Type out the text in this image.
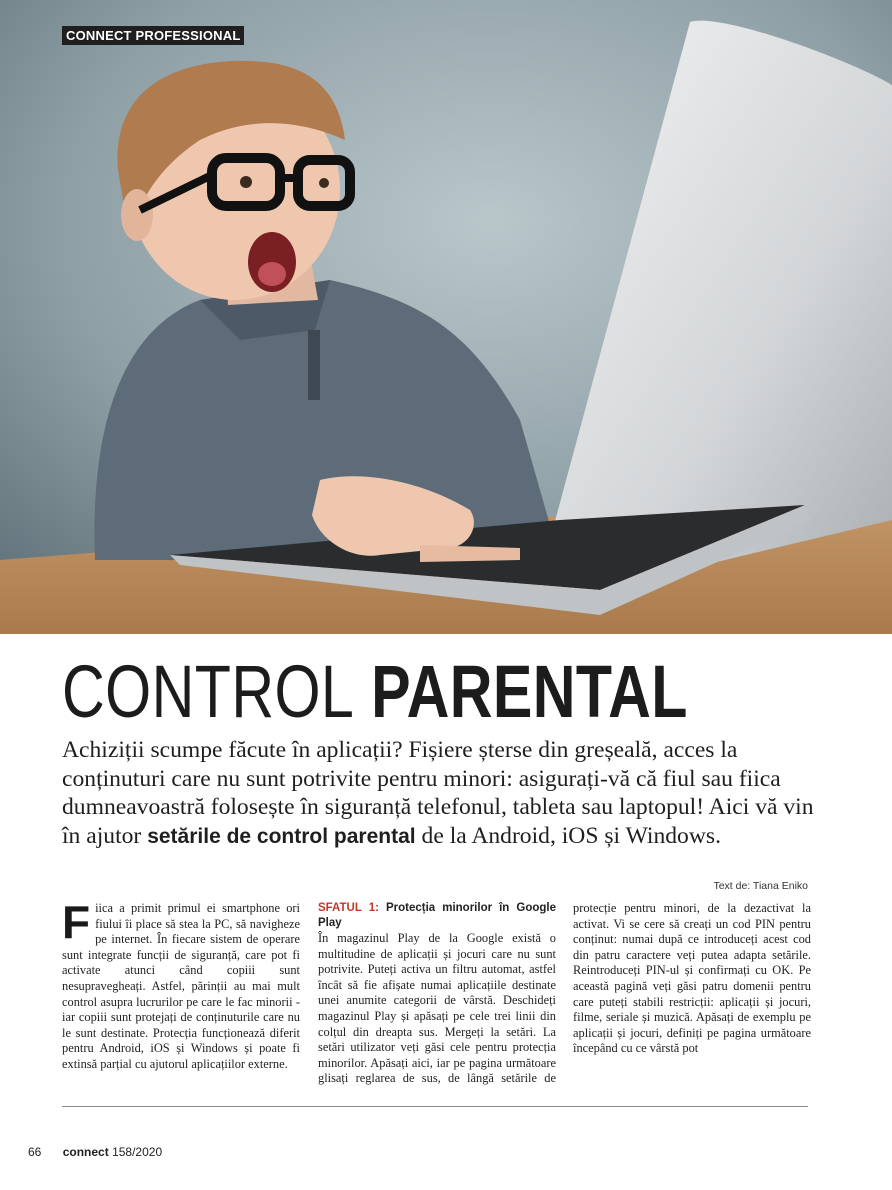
CONNECT PROFESSIONAL
CONTROL PARENTAL

Achiziții scumpe făcute în aplicații? Fișiere șterse din greșeală, acces la conținuturi care nu sunt potrivite pentru minori: asigurați-vă că fiul sau fiica dumneavoastră folosește în siguranță telefonul, tableta sau laptopul! Aici vă vin în ajutor setările de control parental de la Android, iOS și Windows.

Text de: Tiana Eniko

Fiica a primit primul ei smartphone ori fiului îi place să stea la PC, să navigheze pe internet. În fiecare sistem de operare sunt integrate funcții de siguranță, care pot fi activate atunci când copiii sunt nesupravegheați. Astfel, părinții au mai mult control asupra lucrurilor pe care le fac minorii - iar copiii sunt protejați de conținuturile care nu le sunt destinate. Protecția funcționează diferit pentru Android, iOS și Windows și poate fi extinsă parțial cu ajutorul aplicațiilor externe.

SFATUL 1: Protecția minorilor în Google Play

În magazinul Play de la Google există o multitudine de aplicații și jocuri care nu sunt potrivite. Puteți activa un filtru automat, astfel încât să fie afișate numai aplicațiile destinate unei anumite categorii de vârstă. Deschideți magazinul Play și apăsați pe cele trei linii din colțul din dreapta sus. Mergeți la setări. La setări utilizator veți găsi cele pentru protecția minorilor. Apăsați aici, iar pe pagina următoare glisați reglarea de sus, de lângă setările de protecție pentru minori, de la dezactivat la activat. Vi se cere să creați un cod PIN pentru conținut: numai după ce introduceți acest cod din patru caractere veți putea adapta setările. Reintroduceți PIN-ul și confirmați cu OK. Pe această pagină veți găsi patru domenii pentru care puteți stabili restricții: aplicații și jocuri, filme, seriale și muzică. Apăsați de exemplu pe aplicații și jocuri, definiți pe pagina următoare începând cu ce vârstă pot

66 connect 158/2020
